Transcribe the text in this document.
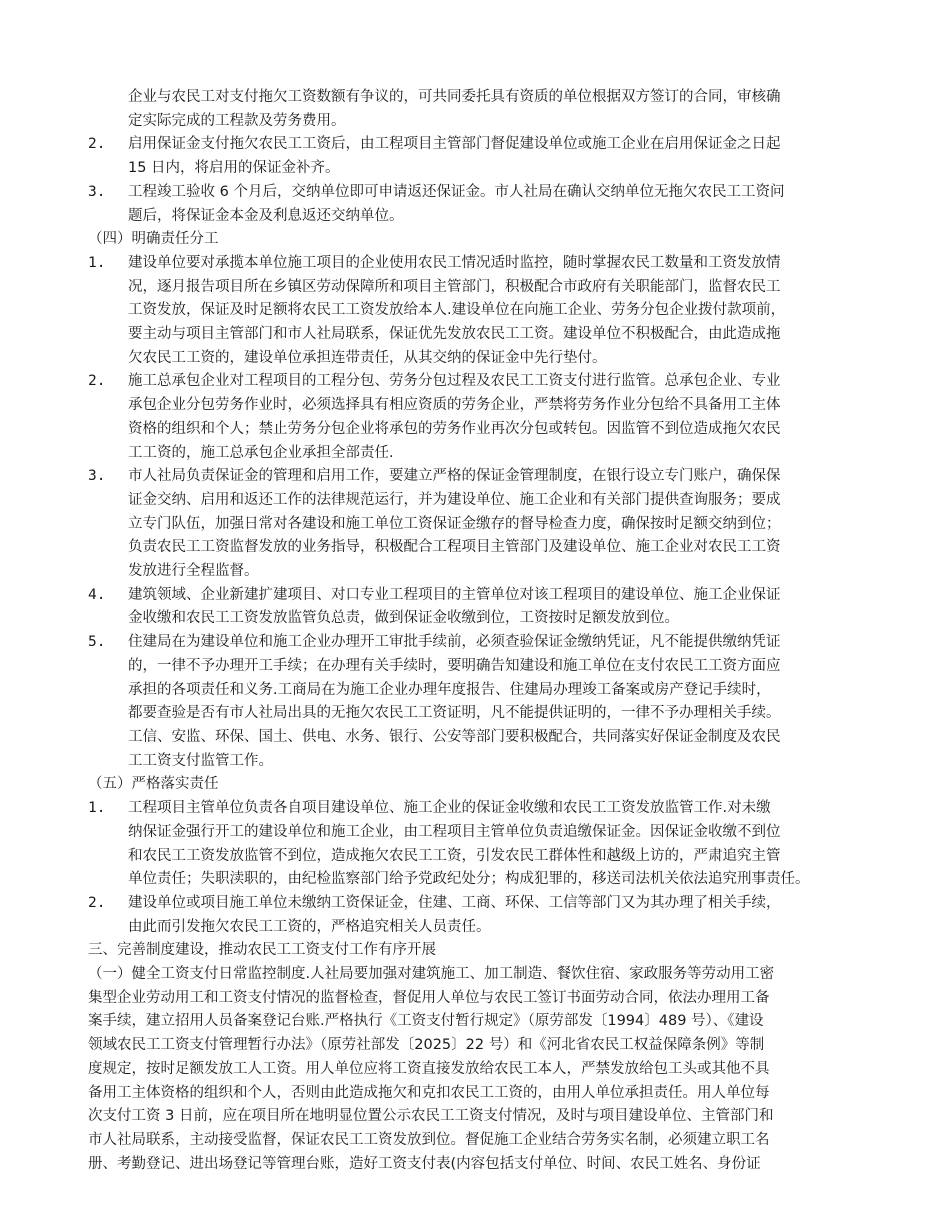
企业与农民工对支付拖欠工资数额有争议的，可共同委托具有资质的单位根据双方签订的合同，审核确
定实际完成的工程款及劳务费用。
2.	启用保证金支付拖欠农民工工资后，由工程项目主管部门督促建设单位或施工企业在启用保证金之日起
15 日内，将启用的保证金补齐。
3.	工程竣工验收 6 个月后，交纳单位即可申请返还保证金。市人社局在确认交纳单位无拖欠农民工工资问
题后，将保证金本金及利息返还交纳单位。
（四）明确责任分工
1.	建设单位要对承揽本单位施工项目的企业使用农民工情况适时监控，随时掌握农民工数量和工资发放情
况，逐月报告项目所在乡镇区劳动保障所和项目主管部门，积极配合市政府有关职能部门，监督农民工
工资发放，保证及时足额将农民工工资发放给本人.建设单位在向施工企业、劳务分包企业拨付款项前，
要主动与项目主管部门和市人社局联系，保证优先发放农民工工资。建设单位不积极配合，由此造成拖
欠农民工工资的，建设单位承担连带责任，从其交纳的保证金中先行垫付。
2.	施工总承包企业对工程项目的工程分包、劳务分包过程及农民工工资支付进行监管。总承包企业、专业
承包企业分包劳务作业时，必须选择具有相应资质的劳务企业，严禁将劳务作业分包给不具备用工主体
资格的组织和个人；禁止劳务分包企业将承包的劳务作业再次分包或转包。因监管不到位造成拖欠农民
工工资的，施工总承包企业承担全部责任.
3.	市人社局负责保证金的管理和启用工作，要建立严格的保证金管理制度，在银行设立专门账户，确保保
证金交纳、启用和返还工作的法律规范运行，并为建设单位、施工企业和有关部门提供查询服务；要成
立专门队伍，加强日常对各建设和施工单位工资保证金缴存的督导检查力度，确保按时足额交纳到位；
负责农民工工资监督发放的业务指导，积极配合工程项目主管部门及建设单位、施工企业对农民工工资
发放进行全程监督。
4.	建筑领域、企业新建扩建项目、对口专业工程项目的主管单位对该工程项目的建设单位、施工企业保证
金收缴和农民工工资发放监管负总责，做到保证金收缴到位，工资按时足额发放到位。
5.	住建局在为建设单位和施工企业办理开工审批手续前，必须查验保证金缴纳凭证，凡不能提供缴纳凭证
的，一律不予办理开工手续；在办理有关手续时，要明确告知建设和施工单位在支付农民工工资方面应
承担的各项责任和义务.工商局在为施工企业办理年度报告、住建局办理竣工备案或房产登记手续时，
都要查验是否有市人社局出具的无拖欠农民工工资证明，凡不能提供证明的，一律不予办理相关手续。
工信、安监、环保、国土、供电、水务、银行、公安等部门要积极配合，共同落实好保证金制度及农民
工工资支付监管工作。
（五）严格落实责任
1.	工程项目主管单位负责各自项目建设单位、施工企业的保证金收缴和农民工工资发放监管工作.对未缴
纳保证金强行开工的建设单位和施工企业，由工程项目主管单位负责追缴保证金。因保证金收缴不到位
和农民工工资发放监管不到位，造成拖欠农民工工资，引发农民工群体性和越级上访的，严肃追究主管
单位责任；失职渎职的，由纪检监察部门给予党政纪处分；构成犯罪的，移送司法机关依法追究刑事责任。
2.	建设单位或项目施工单位未缴纳工资保证金，住建、工商、环保、工信等部门又为其办理了相关手续，
由此而引发拖欠农民工工资的，严格追究相关人员责任。
三、完善制度建设，推动农民工工资支付工作有序开展
（一）健全工资支付日常监控制度.人社局要加强对建筑施工、加工制造、餐饮住宿、家政服务等劳动用工密
集型企业劳动用工和工资支付情况的监督检查，督促用人单位与农民工签订书面劳动合同，依法办理用工备
案手续，建立招用人员备案登记台账.严格执行《工资支付暂行规定》（原劳部发〔1994〕489 号）、《建设
领域农民工工资支付管理暂行办法》（原劳社部发〔2025〕22 号）和《河北省农民工权益保障条例》等制
度规定，按时足额发放工人工资。用人单位应将工资直接发放给农民工本人，严禁发放给包工头或其他不具
备用工主体资格的组织和个人，否则由此造成拖欠和克扣农民工工资的，由用人单位承担责任。用人单位每
次支付工资 3 日前，应在项目所在地明显位置公示农民工工资支付情况，及时与项目建设单位、主管部门和
市人社局联系，主动接受监督，保证农民工工资发放到位。督促施工企业结合劳务实名制，必须建立职工名
册、考勤登记、进出场登记等管理台账，造好工资支付表(内容包括支付单位、时间、农民工姓名、身份证
